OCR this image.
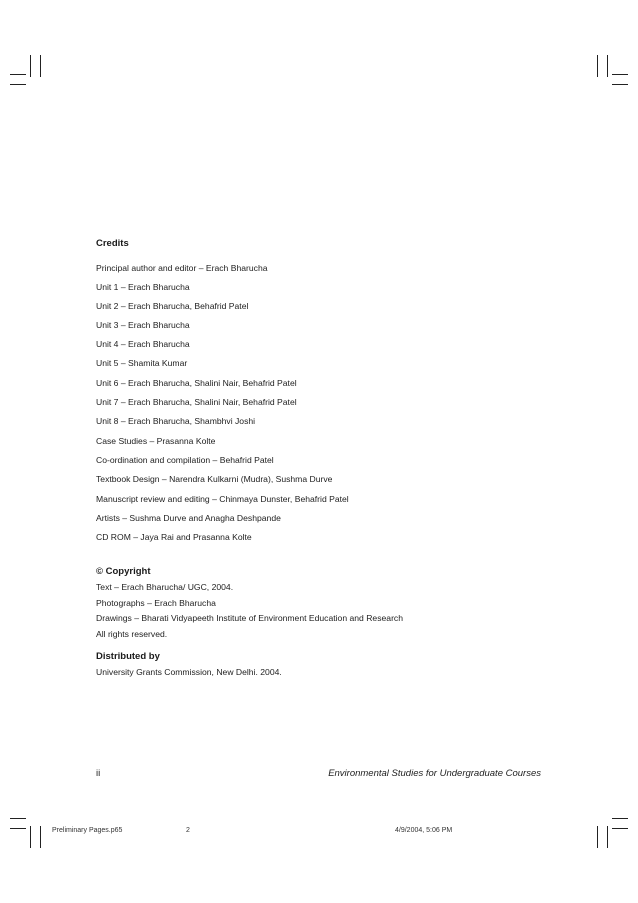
Credits
Principal author and editor – Erach Bharucha
Unit 1 – Erach Bharucha
Unit 2 – Erach Bharucha, Behafrid Patel
Unit 3 – Erach Bharucha
Unit 4 – Erach Bharucha
Unit 5 – Shamita Kumar
Unit 6 – Erach Bharucha, Shalini Nair, Behafrid Patel
Unit 7 – Erach Bharucha, Shalini Nair, Behafrid Patel
Unit 8 – Erach Bharucha, Shambhvi Joshi
Case Studies – Prasanna Kolte
Co-ordination and compilation – Behafrid Patel
Textbook Design – Narendra Kulkarni (Mudra), Sushma Durve
Manuscript review and editing – Chinmaya Dunster, Behafrid Patel
Artists – Sushma Durve and Anagha Deshpande
CD ROM – Jaya Rai and Prasanna Kolte
© Copyright
Text – Erach Bharucha/ UGC, 2004.
Photographs – Erach Bharucha
Drawings – Bharati Vidyapeeth Institute of Environment Education and Research
All rights reserved.
Distributed by
University Grants Commission, New Delhi. 2004.
ii	Environmental Studies for Undergraduate Courses
Preliminary Pages.p65	2	4/9/2004, 5:06 PM
